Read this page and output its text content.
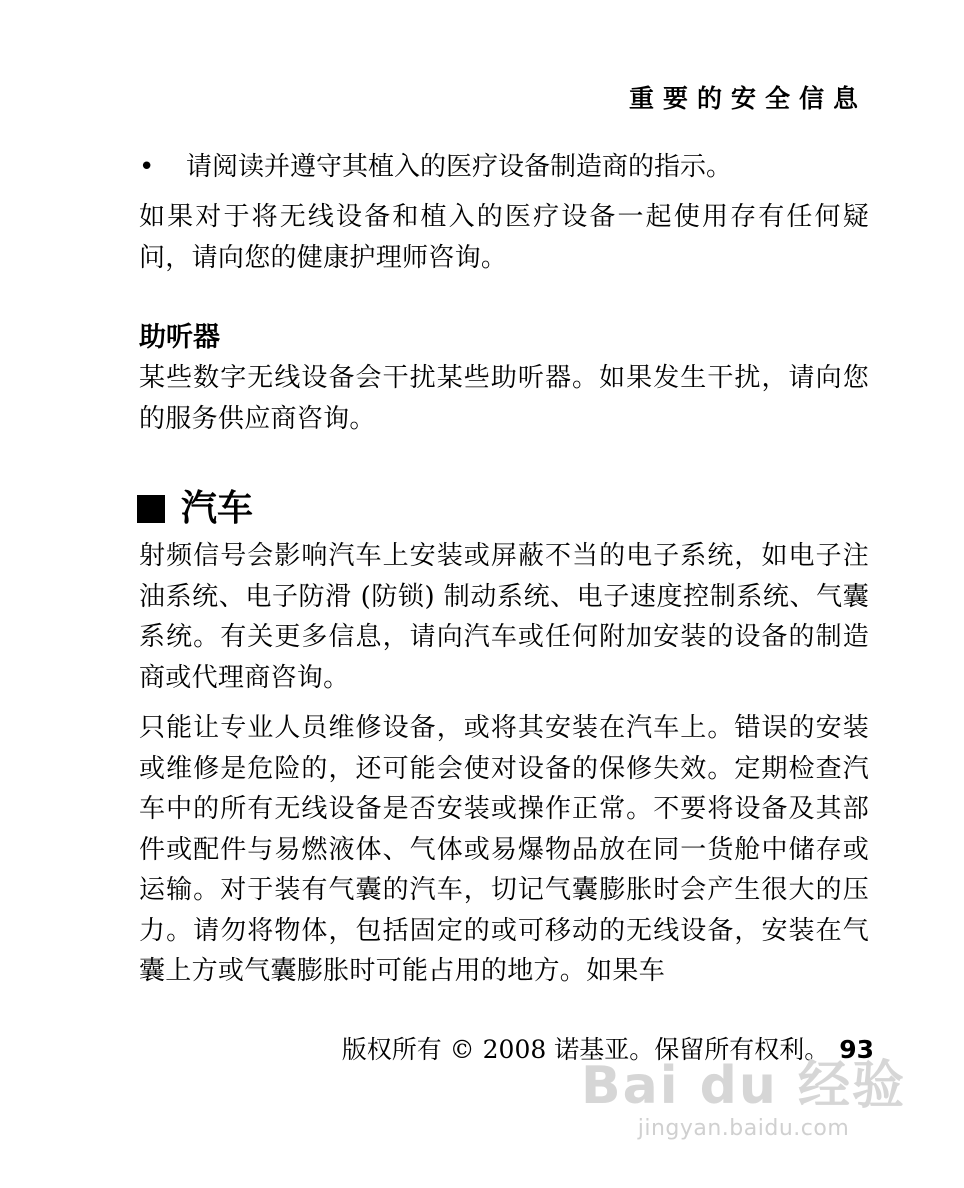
重要的安全信息
•	请阅读并遵守其植入的医疗设备制造商的指示。

如果对于将无线设备和植入的医疗设备一起使用存有任何疑问，请向您的健康护理师咨询。

助听器

某些数字无线设备会干扰某些助听器。如果发生干扰，请向您的服务供应商咨询。

汽车

射频信号会影响汽车上安装或屏蔽不当的电子系统，如电子注油系统、电子防滑 (防锁) 制动系统、电子速度控制系统、气囊系统。有关更多信息，请向汽车或任何附加安装的设备的制造商或代理商咨询。

只能让专业人员维修设备，或将其安装在汽车上。错误的安装或维修是危险的，还可能会使对设备的保修失效。定期检查汽车中的所有无线设备是否安装或操作正常。不要将设备及其部件或配件与易燃液体、气体或易爆物品放在同一货舱中储存或运输。对于装有气囊的汽车，切记气囊膨胀时会产生很大的压力。请勿将物体，包括固定的或可移动的无线设备，安装在气囊上方或气囊膨胀时可能占用的地方。如果车

版权所有 © 2008 诺基亚。保留所有权利。 93
Bai du 经验
jingyan.baidu.com
